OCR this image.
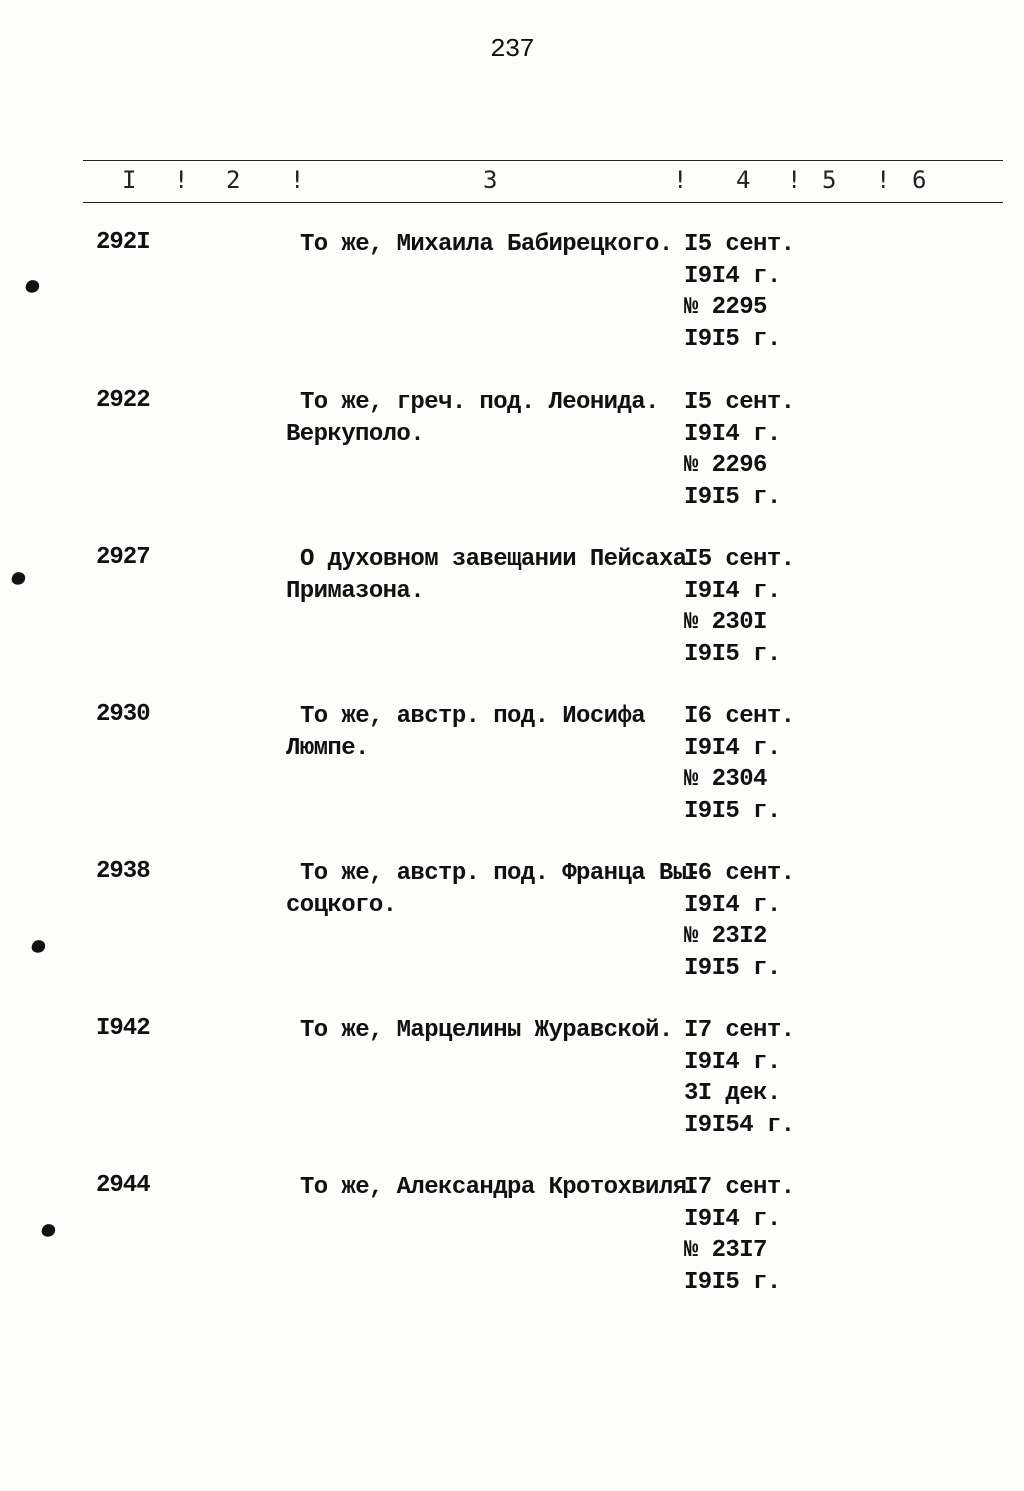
237
I ! 2 !	3	! 4 ! 5 ! 6
292I	То же, Михаила Бабирецкого. I5 сент.
I9I4 г.
№ 2295
I9I5 г.
2922	То же, греч. под. Леонида.
Веркуполо.
I5 сент.
I9I4 г.
№ 2296
I9I5 г.
2927	О духовном завещании Пейсаха
Примазона.
I5 сент.
I9I4 г.
№ 230I
I9I5 г.
2930	То же, австр. под. Иосифа
Люмпе.
I6 сент.
I9I4 г.
№ 2304
I9I5 г.
2938	То же, австр. под. Франца Вы-
соцкого.
I6 сент.
I9I4 г.
№ 23I2
I9I5 г.
I942	То же, Марцелины Журавской. I7 сент.
I9I4 г.
3I дек.
I9I54 г.
2944	То же, Александра Кротохвиля.
I7 сент.
I9I4 г.
№ 23I7
I9I5 г.
